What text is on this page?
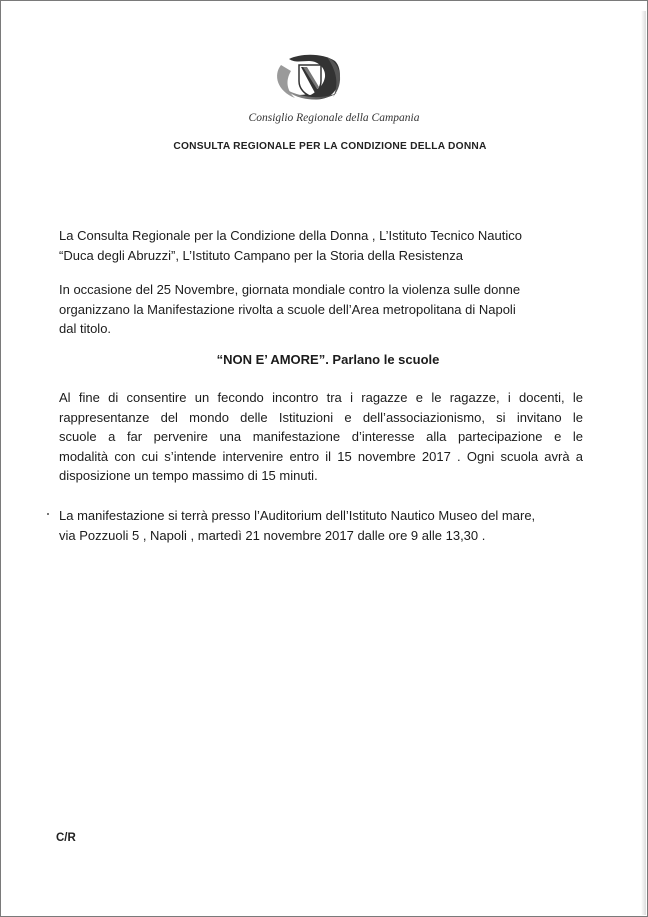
Consiglio Regionale della Campania
CONSULTA REGIONALE PER LA CONDIZIONE DELLA DONNA
La Consulta Regionale per la Condizione della Donna , L’Istituto Tecnico Nautico
“Duca degli Abruzzi”, L’Istituto Campano per la Storia della Resistenza
In occasione del 25 Novembre, giornata mondiale contro la violenza sulle donne
organizzano la Manifestazione rivolta a scuole dell’Area metropolitana di Napoli
dal titolo.
“NON E’ AMORE”. Parlano le scuole
Al fine di consentire un fecondo incontro tra i ragazze e le ragazze, i docenti, le
rappresentanze del mondo delle Istituzioni e dell’associazionismo, si invitano le
scuole a far pervenire una manifestazione d’interesse alla partecipazione e le
modalità con cui s’intende intervenire entro il 15 novembre 2017 . Ogni scuola avrà a
disposizione un tempo massimo di 15 minuti.
La manifestazione si terrà presso l’Auditorium dell’Istituto Nautico Museo del mare,
via Pozzuoli 5 , Napoli , martedì 21 novembre 2017 dalle ore 9 alle 13,30 .
C/R
